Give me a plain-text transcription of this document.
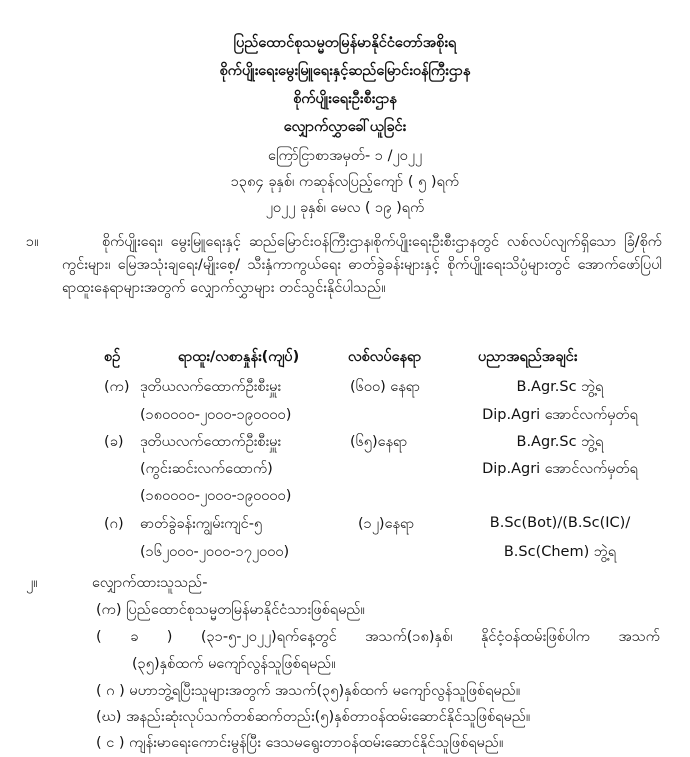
ပြည်ထောင်စုသမ္မတမြန်မာနိုင်ငံတော်အစိုးရ
စိုက်ပျိုးရေးမွေးမြူရေးနှင့်ဆည်မြောင်းဝန်ကြီးဌာန
စိုက်ပျိုးရေးဦးစီးဌာန
လျှောက်လွှာခေါ်ယူခြင်း
ကြော်ငြာစာအမှတ်- ၁ /၂၀၂၂
၁၃၈၄ ခုနှစ်၊ ကဆုန်လပြည့်ကျော် ( ၅ )ရက်
၂၀၂၂ ခုနှစ်၊ မေလ ( ၁၉ )ရက်
၁။	စိုက်ပျိုးရေး၊ မွေးမြူရေးနှင့် ဆည်မြောင်းဝန်ကြီးဌာန၊စိုက်ပျိုးရေးဦးစီးဌာနတွင် လစ်လပ်လျက်ရှိသော ခြံ/စိုက်ကွင်းများ၊ မြေအသုံးချရေး/မျိုးစေ့/ သီးနှံကာကွယ်ရေး ဓာတ်ခွဲခန်းများနှင့် စိုက်ပျိုးရေးသိပ္ပံများတွင် အောက်ဖော်ပြပါ ရာထူးနေရာများအတွက် လျှောက်လွှာများ တင်သွင်းနိုင်ပါသည်။
စဉ်	ရာထူး/လစာနှုန်း(ကျပ်)	လစ်လပ်နေရာ	ပညာအရည်အချင်း
(က) ဒုတိယလက်ထောက်ဦးစီးမှူး
(၁၈၀၀၀၀-၂၀၀၀-၁၉၀၀၀၀)
(၆၀၀) နေရာ	B.Agr.Sc ဘွဲ့ရ
Dip.Agri အောင်လက်မှတ်ရ
(ခ) ဒုတိယလက်ထောက်ဦးစီးမှူး
(ကွင်းဆင်းလက်ထောက်)
(၁၈၀၀၀၀-၂၀၀၀-၁၉၀၀၀၀)
(၆၅)နေရာ	B.Agr.Sc ဘွဲ့ရ
Dip.Agri အောင်လက်မှတ်ရ
(ဂ) ဓာတ်ခွဲခန်းကျွမ်းကျင်-၅
(၁၆၂၀၀၀-၂၀၀၀-၁၇၂၀၀၀)
(၁၂)နေရာ	B.Sc(Bot)/(B.Sc(IC)/
B.Sc(Chem) ဘွဲ့ရ
၂။	လျှောက်ထားသူသည်-
(က) ပြည်ထောင်စုသမ္မတမြန်မာနိုင်ငံသားဖြစ်ရမည်။
( ခ ) (၃၁-၅-၂၀၂၂)ရက်နေ့တွင် အသက်(၁၈)နှစ်၊ နိုင်ငံ့ဝန်ထမ်းဖြစ်ပါက အသက်
(၃၅)နှစ်ထက် မကျော်လွန်သူဖြစ်ရမည်။
( ဂ ) မဟာဘွဲ့ရပြီးသူများအတွက် အသက်(၃၅)နှစ်ထက် မကျော်လွန်သူဖြစ်ရမည်။
(ဃ) အနည်းဆုံးလုပ်သက်တစ်ဆက်တည်း(၅)နှစ်တာဝန်ထမ်းဆောင်နိုင်သူဖြစ်ရမည်။
( င ) ကျန်းမာရေးကောင်းမွန်ပြီး ဒေသမရွေးတာဝန်ထမ်းဆောင်နိုင်သူဖြစ်ရမည်။
